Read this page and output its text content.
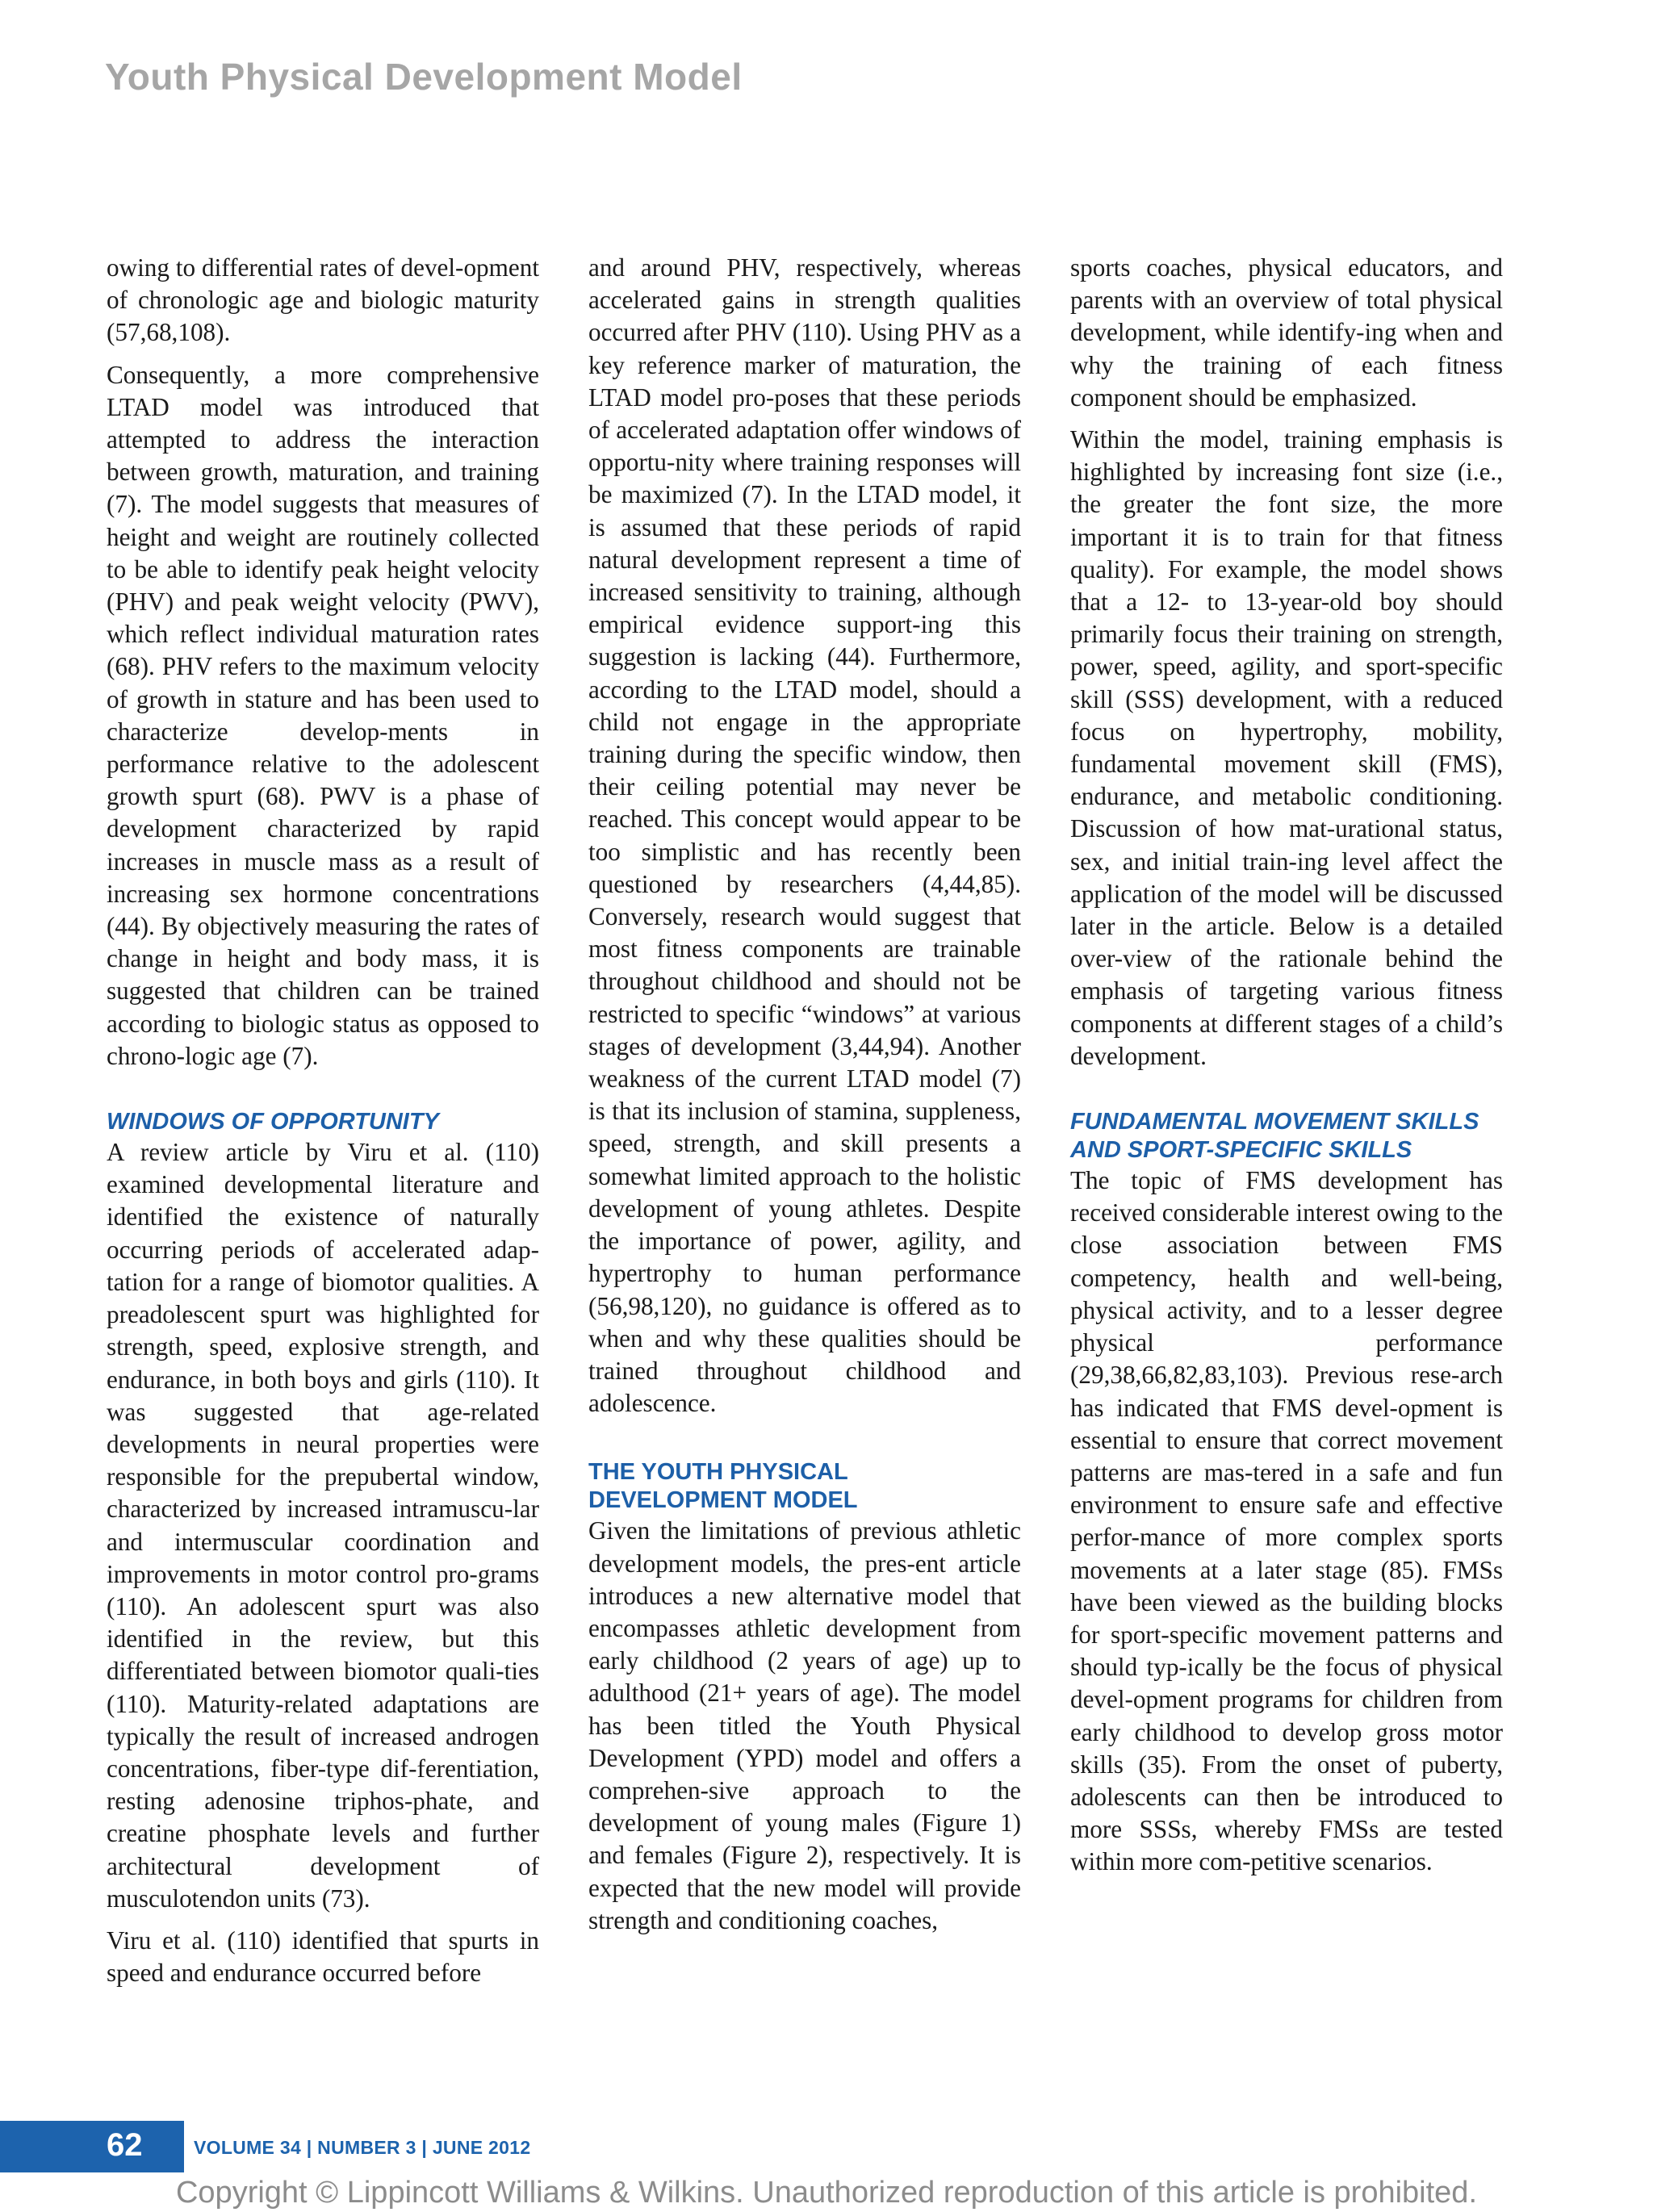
Youth Physical Development Model

owing to differential rates of devel-opment of chronologic age and biologic maturity (57,68,108).

Consequently, a more comprehensive LTAD model was introduced that attempted to address the interaction between growth, maturation, and training (7). The model suggests that measures of height and weight are routinely collected to be able to identify peak height velocity (PHV) and peak weight velocity (PWV), which reflect individual maturation rates (68). PHV refers to the maximum velocity of growth in stature and has been used to characterize develop-ments in performance relative to the adolescent growth spurt (68). PWV is a phase of development characterized by rapid increases in muscle mass as a result of increasing sex hormone concentrations (44). By objectively measuring the rates of change in height and body mass, it is suggested that children can be trained according to biologic status as opposed to chrono-logic age (7).

WINDOWS OF OPPORTUNITY

A review article by Viru et al. (110) examined developmental literature and identified the existence of naturally occurring periods of accelerated adap-tation for a range of biomotor qualities. A preadolescent spurt was highlighted for strength, speed, explosive strength, and endurance, in both boys and girls (110). It was suggested that age-related developments in neural properties were responsible for the prepubertal window, characterized by increased intramuscu-lar and intermuscular coordination and improvements in motor control pro-grams (110). An adolescent spurt was also identified in the review, but this differentiated between biomotor quali-ties (110). Maturity-related adaptations are typically the result of increased androgen concentrations, fiber-type dif-ferentiation, resting adenosine triphos-phate, and creatine phosphate levels and further architectural development of musculotendon units (73).

Viru et al. (110) identified that spurts in speed and endurance occurred before

and around PHV, respectively, whereas accelerated gains in strength qualities occurred after PHV (110). Using PHV as a key reference marker of maturation, the LTAD model pro-poses that these periods of accelerated adaptation offer windows of opportu-nity where training responses will be maximized (7). In the LTAD model, it is assumed that these periods of rapid natural development represent a time of increased sensitivity to training, although empirical evidence support-ing this suggestion is lacking (44). Furthermore, according to the LTAD model, should a child not engage in the appropriate training during the specific window, then their ceiling potential may never be reached. This concept would appear to be too simplistic and has recently been questioned by researchers (4,44,85). Conversely, research would suggest that most fitness components are trainable throughout childhood and should not be restricted to specific “windows” at various stages of development (3,44,94). Another weakness of the current LTAD model (7) is that its inclusion of stamina, suppleness, speed, strength, and skill presents a somewhat limited approach to the holistic development of young athletes. Despite the importance of power, agility, and hypertrophy to human performance (56,98,120), no guidance is offered as to when and why these qualities should be trained throughout childhood and adolescence.

THE YOUTH PHYSICAL DEVELOPMENT MODEL

Given the limitations of previous athletic development models, the pres-ent article introduces a new alternative model that encompasses athletic development from early childhood (2 years of age) up to adulthood (21+ years of age). The model has been titled the Youth Physical Development (YPD) model and offers a comprehen-sive approach to the development of young males (Figure 1) and females (Figure 2), respectively. It is expected that the new model will provide strength and conditioning coaches,

sports coaches, physical educators, and parents with an overview of total physical development, while identify-ing when and why the training of each fitness component should be emphasized.

Within the model, training emphasis is highlighted by increasing font size (i.e., the greater the font size, the more important it is to train for that fitness quality). For example, the model shows that a 12- to 13-year-old boy should primarily focus their training on strength, power, speed, agility, and sport-specific skill (SSS) development, with a reduced focus on hypertrophy, mobility, fundamental movement skill (FMS), endurance, and metabolic conditioning. Discussion of how mat-urational status, sex, and initial train-ing level affect the application of the model will be discussed later in the article. Below is a detailed over-view of the rationale behind the emphasis of targeting various fitness components at different stages of a child’s development.

FUNDAMENTAL MOVEMENT SKILLS AND SPORT-SPECIFIC SKILLS

The topic of FMS development has received considerable interest owing to the close association between FMS competency, health and well-being, physical activity, and to a lesser degree physical performance (29,38,66,82,83,103). Previous rese-arch has indicated that FMS devel-opment is essential to ensure that correct movement patterns are mas-tered in a safe and fun environment to ensure safe and effective perfor-mance of more complex sports movements at a later stage (85). FMSs have been viewed as the building blocks for sport-specific movement patterns and should typ-ically be the focus of physical devel-opment programs for children from early childhood to develop gross motor skills (35). From the onset of puberty, adolescents can then be introduced to more SSSs, whereby FMSs are tested within more com-petitive scenarios.

62	VOLUME 34 | NUMBER 3 | JUNE 2012
Copyright © Lippincott Williams & Wilkins. Unauthorized reproduction of this article is prohibited.
